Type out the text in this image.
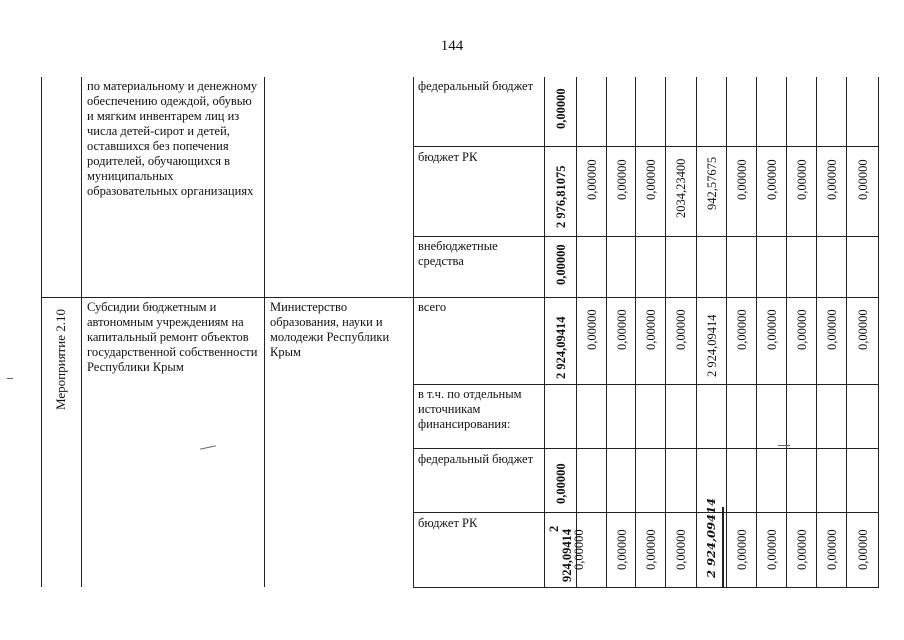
144
по материальному и денежному обеспечению одеждой, обувью и мягким инвентарем лиц из числа детей-сирот и детей, оставшихся без попечения родителей, обучающихся в муниципальных образовательных организациях
федеральный бюджет
0,00000
бюджет РК
2 976,81075 0,00000 0,00000 0,00000 2034,23400 942,57675 0,00000 0,00000 0,00000 0,00000 0,00000
внебюджетные средства	0,00000
Мероприятие 2.10
Субсидии бюджетным и автономным учреждениям на капитальный ремонт объектов государственной собственности Республики Крым
Министерство образования, науки и молодежи Республики Крым
всего
2 924,09414 0,00000 0,00000 0,00000 0,00000 2 924,09414 0,00000 0,00000 0,00000 0,00000 0,00000
в т.ч. по отдельным источникам финансирования:
федеральный бюджет
0,00000
бюджет РК	2 924,09414
0,00000 0,00000 0,00000 0,00000 2 924,09414 0,00000 0,00000 0,00000 0,00000 0,00000
